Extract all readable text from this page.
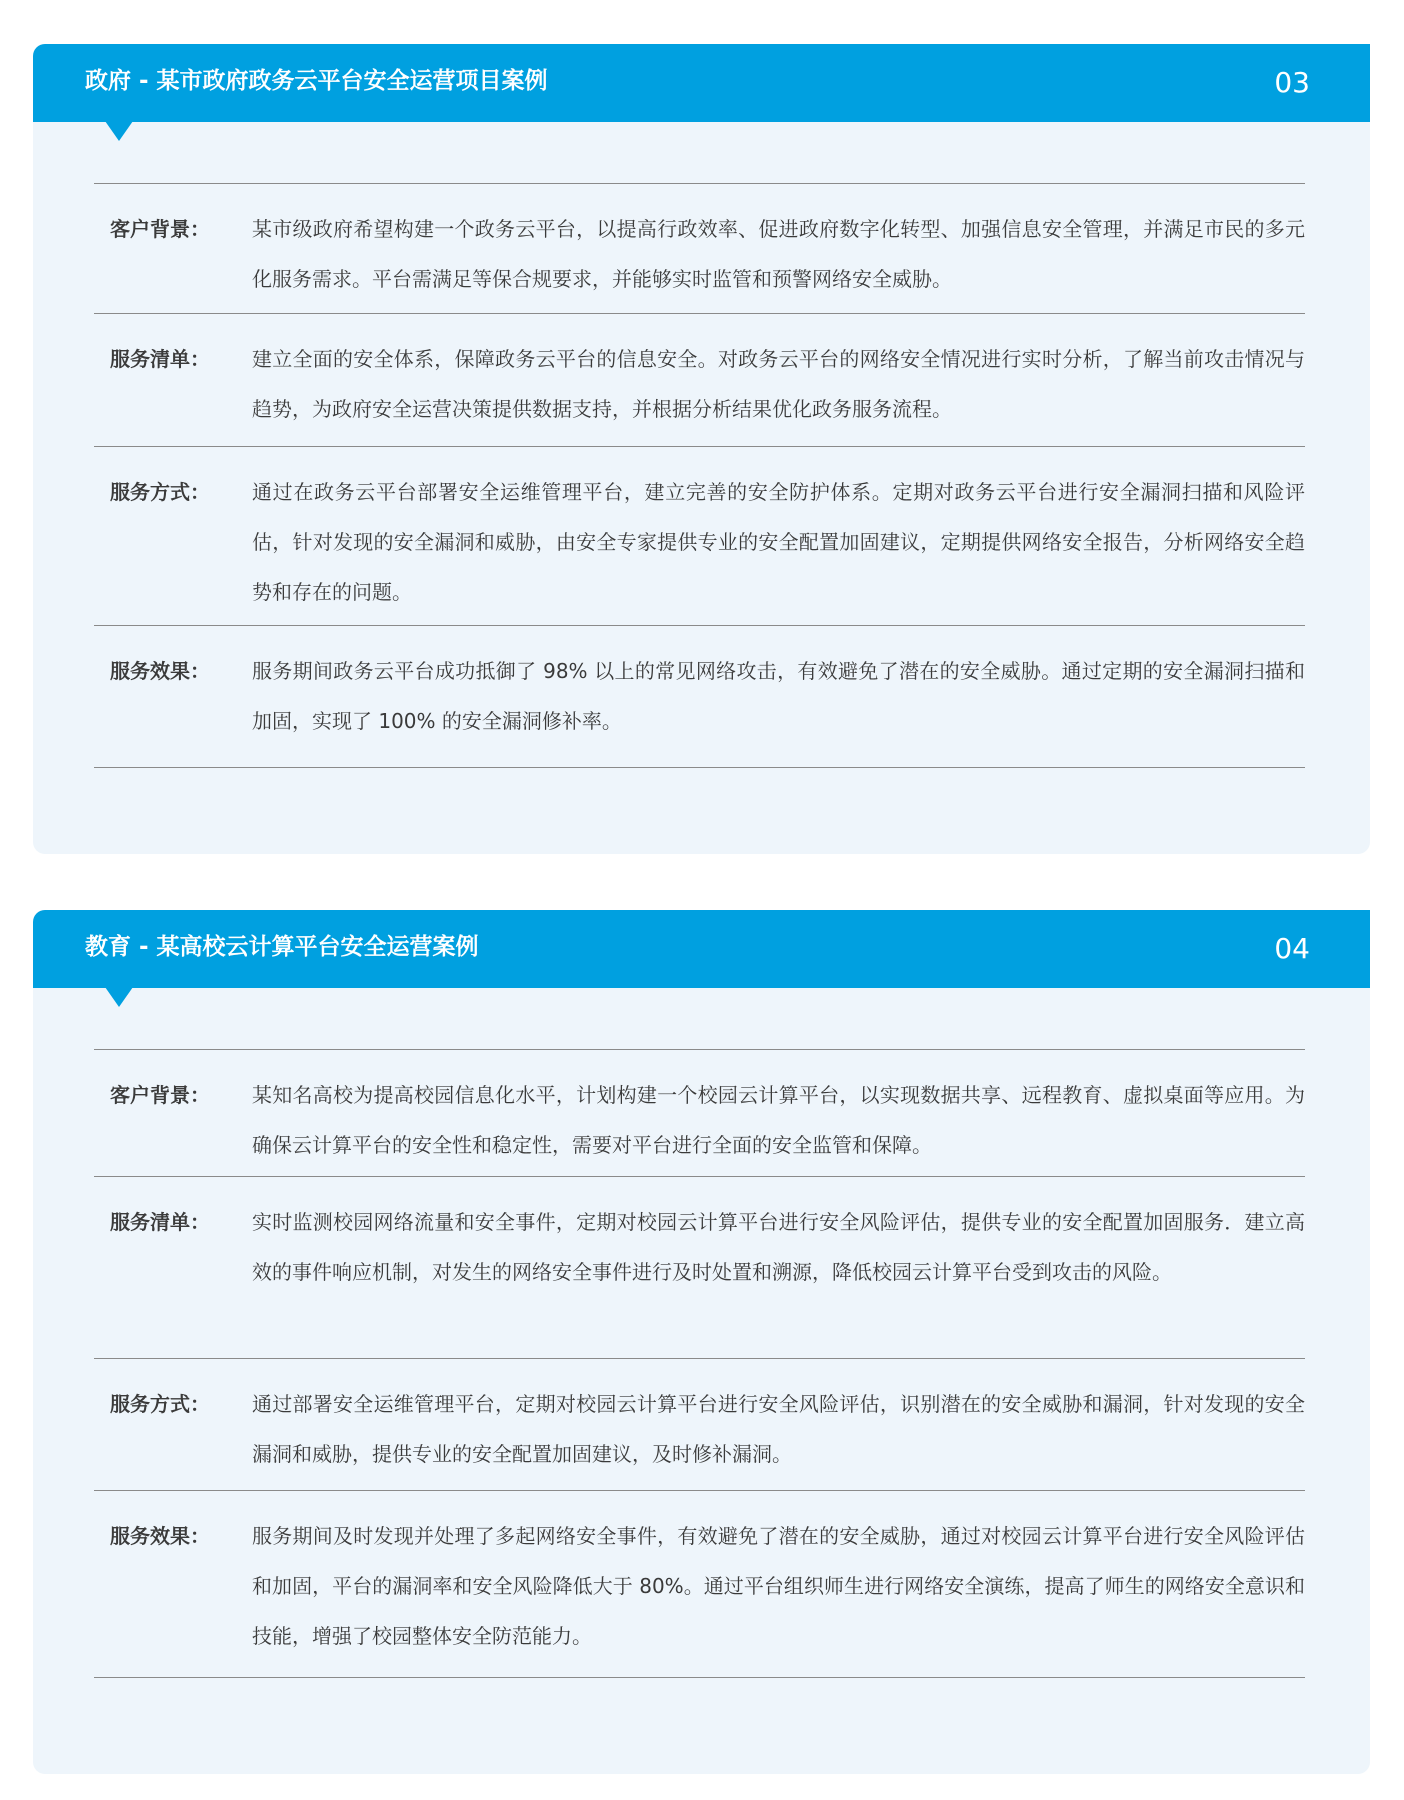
政府 - 某市政府政务云平台安全运营项目案例	03
客户背景： 某市级政府希望构建一个政务云平台，以提高行政效率、促进政府数字化转型、加强信息安全管理，并满足市民的多元化服务需求。平台需满足等保合规要求，并能够实时监管和预警网络安全威胁。
服务清单： 建立全面的安全体系，保障政务云平台的信息安全。对政务云平台的网络安全情况进行实时分析，了解当前攻击情况与趋势，为政府安全运营决策提供数据支持，并根据分析结果优化政务服务流程。
服务方式： 通过在政务云平台部署安全运维管理平台，建立完善的安全防护体系。定期对政务云平台进行安全漏洞扫描和风险评估，针对发现的安全漏洞和威胁，由安全专家提供专业的安全配置加固建议，定期提供网络安全报告，分析网络安全趋势和存在的问题。
服务效果： 服务期间政务云平台成功抵御了 98% 以上的常见网络攻击，有效避免了潜在的安全威胁。通过定期的安全漏洞扫描和加固，实现了 100% 的安全漏洞修补率。
教育 - 某高校云计算平台安全运营案例	04
客户背景： 某知名高校为提高校园信息化水平，计划构建一个校园云计算平台，以实现数据共享、远程教育、虚拟桌面等应用。为确保云计算平台的安全性和稳定性，需要对平台进行全面的安全监管和保障。
服务清单： 实时监测校园网络流量和安全事件，定期对校园云计算平台进行安全风险评估，提供专业的安全配置加固服务．建立高效的事件响应机制，对发生的网络安全事件进行及时处置和溯源，降低校园云计算平台受到攻击的风险。
服务方式： 通过部署安全运维管理平台，定期对校园云计算平台进行安全风险评估，识别潜在的安全威胁和漏洞，针对发现的安全漏洞和威胁，提供专业的安全配置加固建议，及时修补漏洞。
服务效果： 服务期间及时发现并处理了多起网络安全事件，有效避免了潜在的安全威胁，通过对校园云计算平台进行安全风险评估和加固，平台的漏洞率和安全风险降低大于 80%。通过平台组织师生进行网络安全演练，提高了师生的网络安全意识和技能，增强了校园整体安全防范能力。
